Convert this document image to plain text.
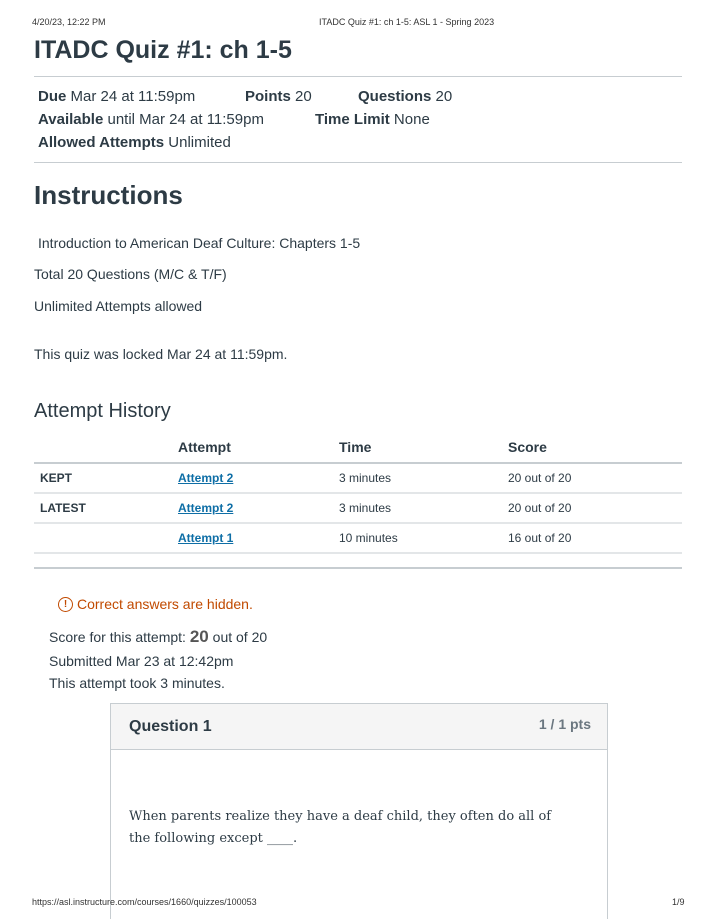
4/20/23, 12:22 PM	ITADC Quiz #1: ch 1-5: ASL 1 - Spring 2023
ITADC Quiz #1: ch 1-5
Due Mar 24 at 11:59pm	Points 20	Questions 20
Available until Mar 24 at 11:59pm	Time Limit None
Allowed Attempts Unlimited
Instructions
Introduction to American Deaf Culture: Chapters 1-5
Total 20 Questions (M/C & T/F)
Unlimited Attempts allowed
This quiz was locked Mar 24 at 11:59pm.
Attempt History
	Attempt	Time	Score
KEPT	Attempt 2	3 minutes	20 out of 20
LATEST	Attempt 2	3 minutes	20 out of 20
	Attempt 1	10 minutes	16 out of 20
! Correct answers are hidden.
Score for this attempt: 20 out of 20
Submitted Mar 23 at 12:42pm
This attempt took 3 minutes.
Question 1	1 / 1 pts
When parents realize they have a deaf child, they often do all of the following except ____.
https://asl.instructure.com/courses/1660/quizzes/100053	1/9
